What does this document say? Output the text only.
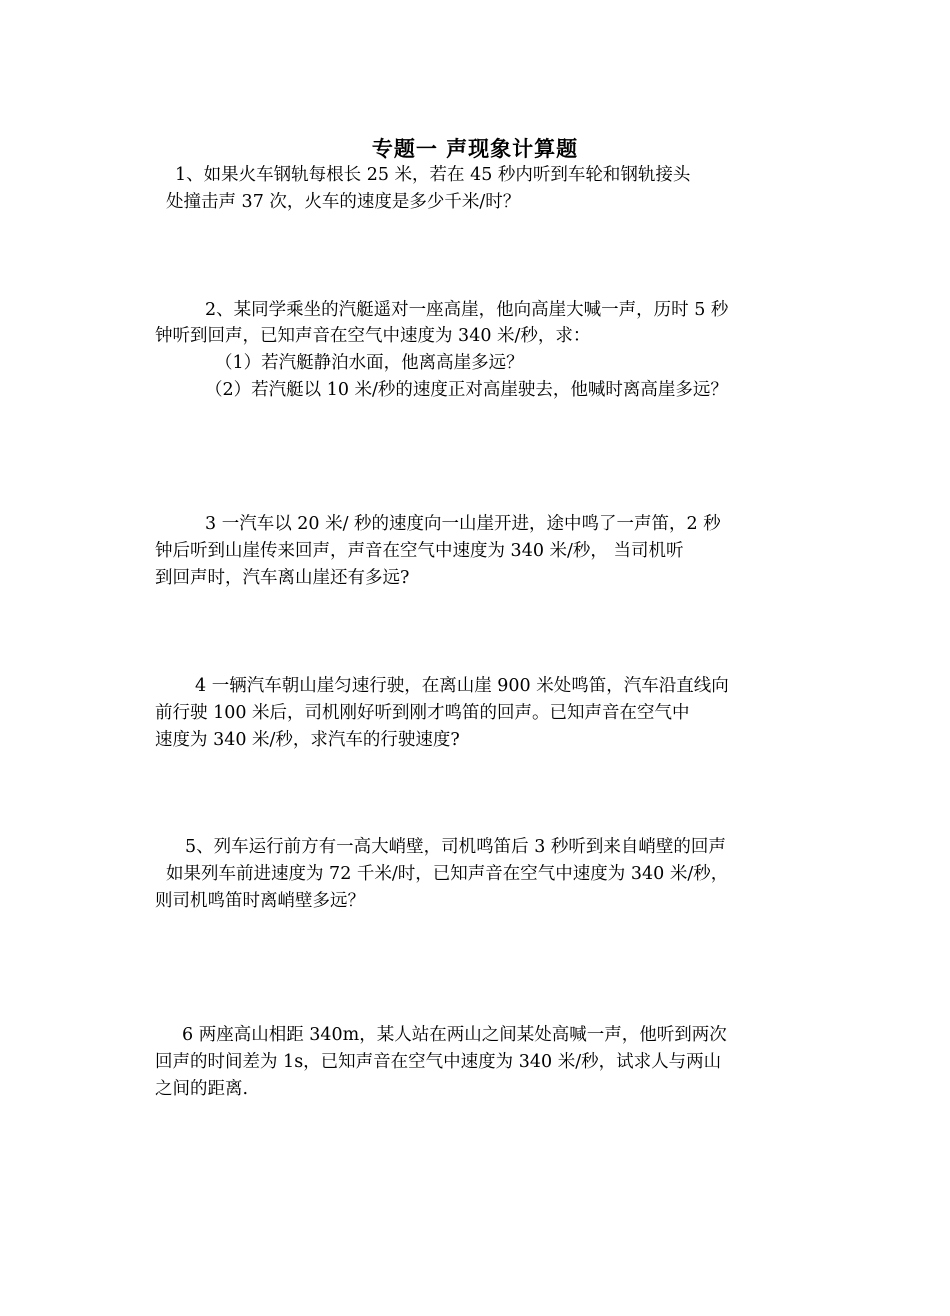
专题一 声现象计算题
1、如果火车钢轨每根长 25 米，若在 45 秒内听到车轮和钢轨接头
处撞击声 37 次，火车的速度是多少千米/时？
2、某同学乘坐的汽艇遥对一座高崖，他向高崖大喊一声，历时 5 秒
钟听到回声，已知声音在空气中速度为 340 米/秒，求：
（1）若汽艇静泊水面，他离高崖多远？
（2）若汽艇以 10 米/秒的速度正对高崖驶去，他喊时离高崖多远？
3 一汽车以 20 米/ 秒的速度向一山崖开进，途中鸣了一声笛，2 秒
钟后听到山崖传来回声，声音在空气中速度为 340 米/秒， 当司机听
到回声时，汽车离山崖还有多远?
4 一辆汽车朝山崖匀速行驶，在离山崖 900 米处鸣笛，汽车沿直线向
前行驶 100 米后，司机刚好听到刚才鸣笛的回声。已知声音在空气中
速度为 340 米/秒，求汽车的行驶速度?
5、列车运行前方有一高大峭壁，司机鸣笛后 3 秒听到来自峭壁的回声
如果列车前进速度为 72 千米/时，已知声音在空气中速度为 340 米/秒，
则司机鸣笛时离峭壁多远？
6 两座高山相距 340m，某人站在两山之间某处高喊一声，他听到两次
回声的时间差为 1s，已知声音在空气中速度为 340 米/秒，试求人与两山
之间的距离.
